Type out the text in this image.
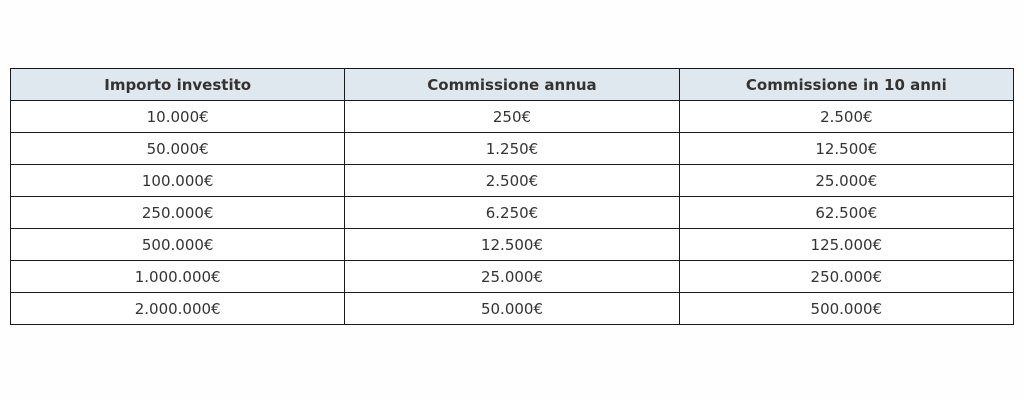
Importo investito	Commissione annua	Commissione in 10 anni
10.000€	250€	2.500€
50.000€	1.250€	12.500€
100.000€	2.500€	25.000€
250.000€	6.250€	62.500€
500.000€	12.500€	125.000€
1.000.000€	25.000€	250.000€
2.000.000€	50.000€	500.000€
